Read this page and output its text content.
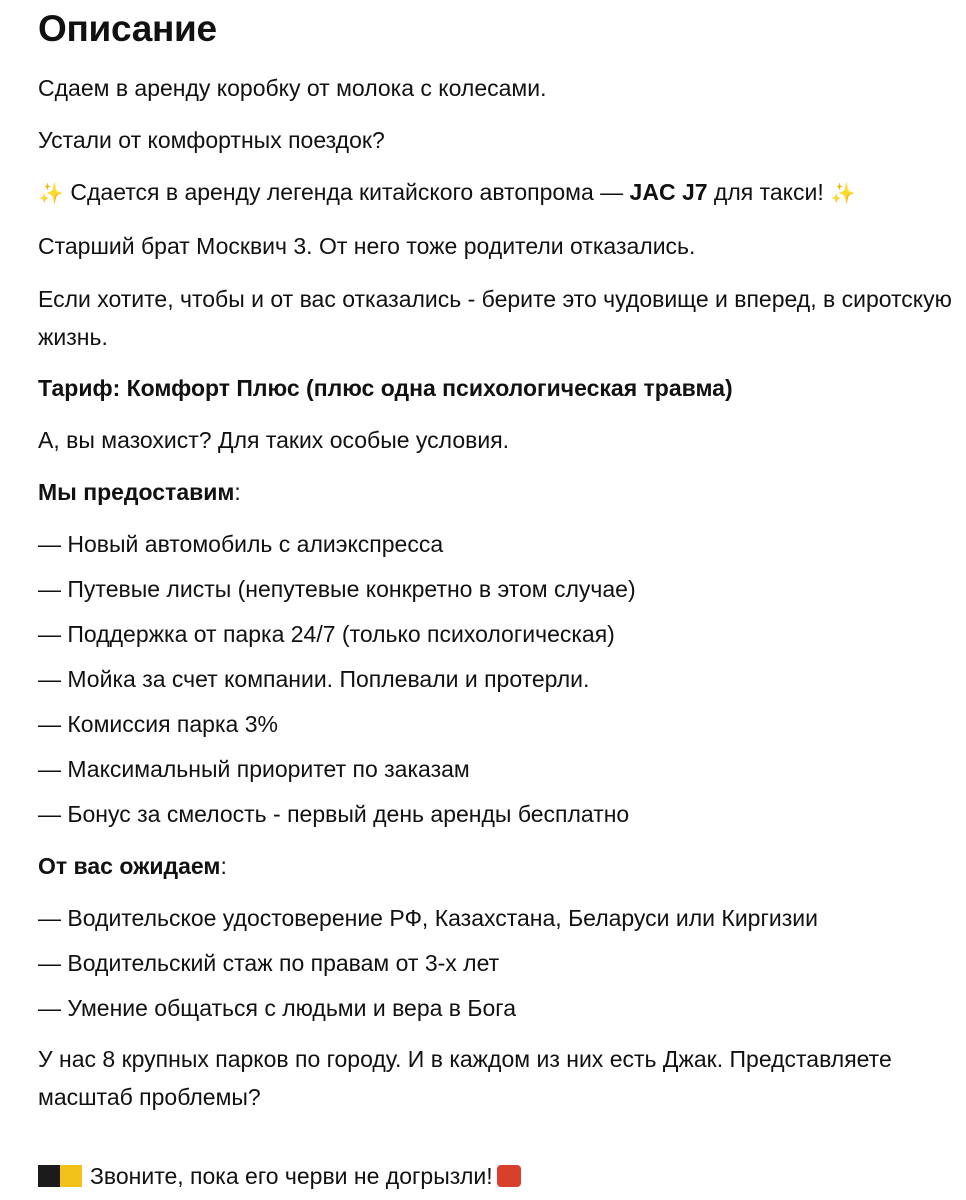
Описание

Сдаем в аренду коробку от молока с колесами.

Устали от комфортных поездок?

✨ Сдается в аренду легенда китайского автопрома — JAC J7 для такси! ✨

Старший брат Москвич 3. От него тоже родители отказались.

Если хотите, чтобы и от вас отказались - берите это чудовище и вперед, в сиротскую жизнь.

Тариф: Комфорт Плюс (плюс одна психологическая травма)

А, вы мазохист? Для таких особые условия.

Мы предоставим:

— Новый автомобиль с алиэкспресса

— Путевые листы (непутевые конкретно в этом случае)

— Поддержка от парка 24/7 (только психологическая)

— Мойка за счет компании. Поплевали и протерли.

— Комиссия парка 3%

— Максимальный приоритет по заказам

— Бонус за смелость - первый день аренды бесплатно

От вас ожидаем:

— Водительское удостоверение РФ, Казахстана, Беларуси или Киргизии

— Водительский стаж по правам от 3-х лет

— Умение общаться с людьми и вера в Бога

У нас 8 крупных парков по городу. И в каждом из них есть Джак. Представляете масштаб проблемы?

Звоните, пока его черви не догрызли!
